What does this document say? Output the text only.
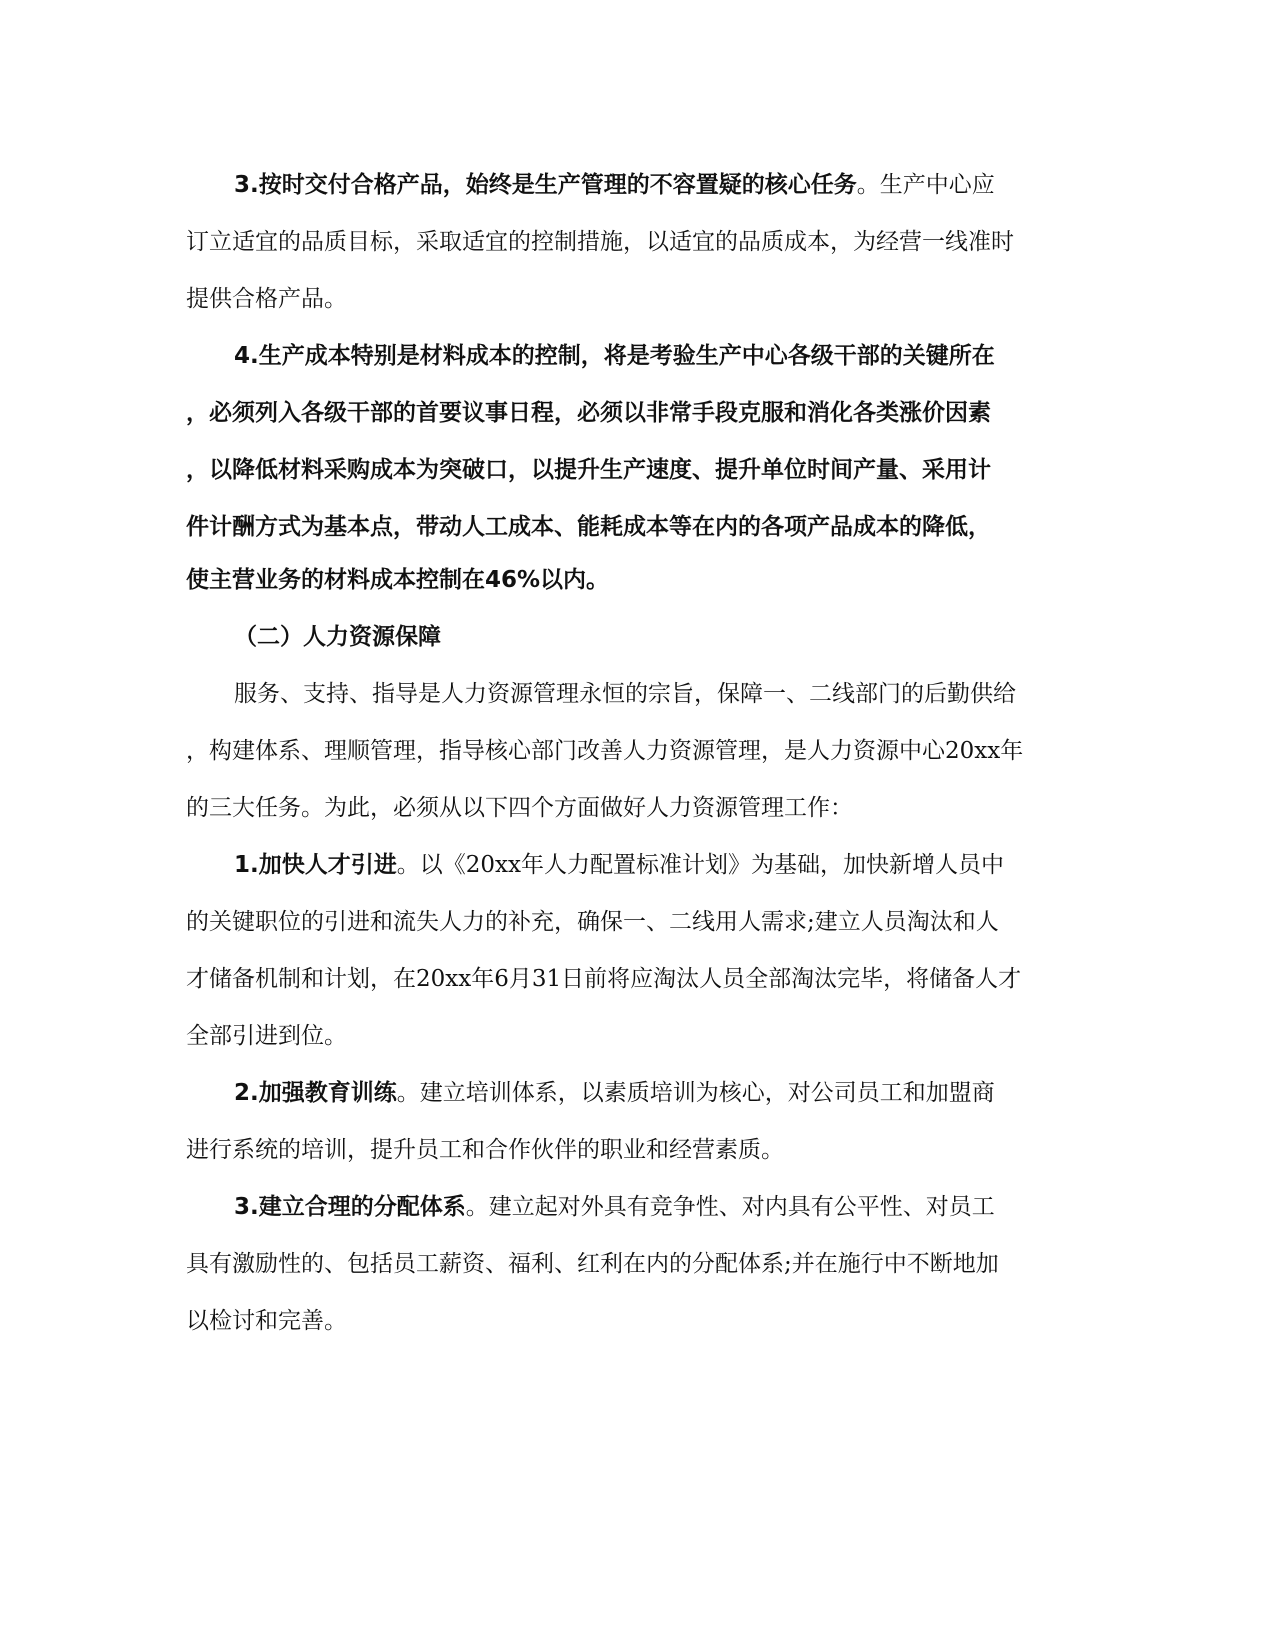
3.按时交付合格产品，始终是生产管理的不容置疑的核心任务。生产中心应
订立适宜的品质目标，采取适宜的控制措施，以适宜的品质成本，为经营一线准时
提供合格产品。
4.生产成本特别是材料成本的控制，将是考验生产中心各级干部的关键所在
，必须列入各级干部的首要议事日程，必须以非常手段克服和消化各类涨价因素
，以降低材料采购成本为突破口，以提升生产速度、提升单位时间产量、采用计
件计酬方式为基本点，带动人工成本、能耗成本等在内的各项产品成本的降低，
使主营业务的材料成本控制在46%以内。
（二）人力资源保障
服务、支持、指导是人力资源管理永恒的宗旨，保障一、二线部门的后勤供给
，构建体系、理顺管理，指导核心部门改善人力资源管理，是人力资源中心20xx年
的三大任务。为此，必须从以下四个方面做好人力资源管理工作：
1.加快人才引进。以《20xx年人力配置标准计划》为基础，加快新增人员中
的关键职位的引进和流失人力的补充，确保一、二线用人需求;建立人员淘汰和人
才储备机制和计划，在20xx年6月31日前将应淘汰人员全部淘汰完毕，将储备人才
全部引进到位。
2.加强教育训练。建立培训体系，以素质培训为核心，对公司员工和加盟商
进行系统的培训，提升员工和合作伙伴的职业和经营素质。
3.建立合理的分配体系。建立起对外具有竞争性、对内具有公平性、对员工
具有激励性的、包括员工薪资、福利、红利在内的分配体系;并在施行中不断地加
以检讨和完善。
